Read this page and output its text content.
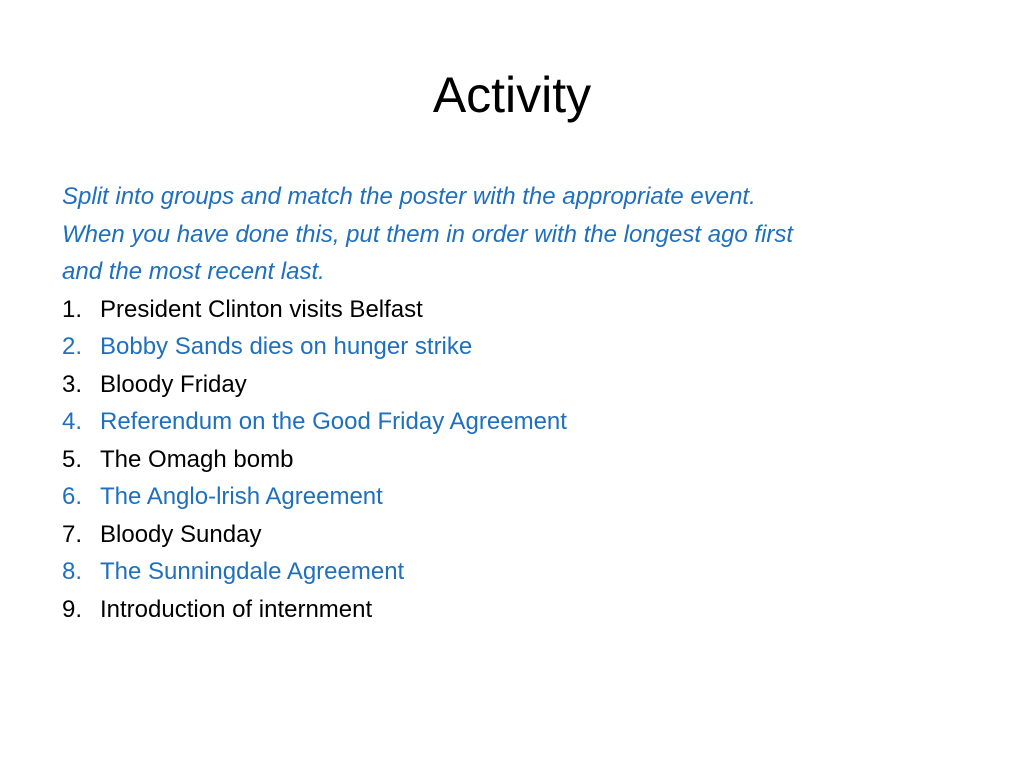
Activity

Split into groups and match the poster with the appropriate event.
When you have done this, put them in order with the longest ago first
and the most recent last.

1. President Clinton visits Belfast
2. Bobby Sands dies on hunger strike
3. Bloody Friday
4. Referendum on the Good Friday Agreement
5. The Omagh bomb
6. The Anglo-lrish Agreement
7. Bloody Sunday
8. The Sunningdale Agreement
9. Introduction of internment
